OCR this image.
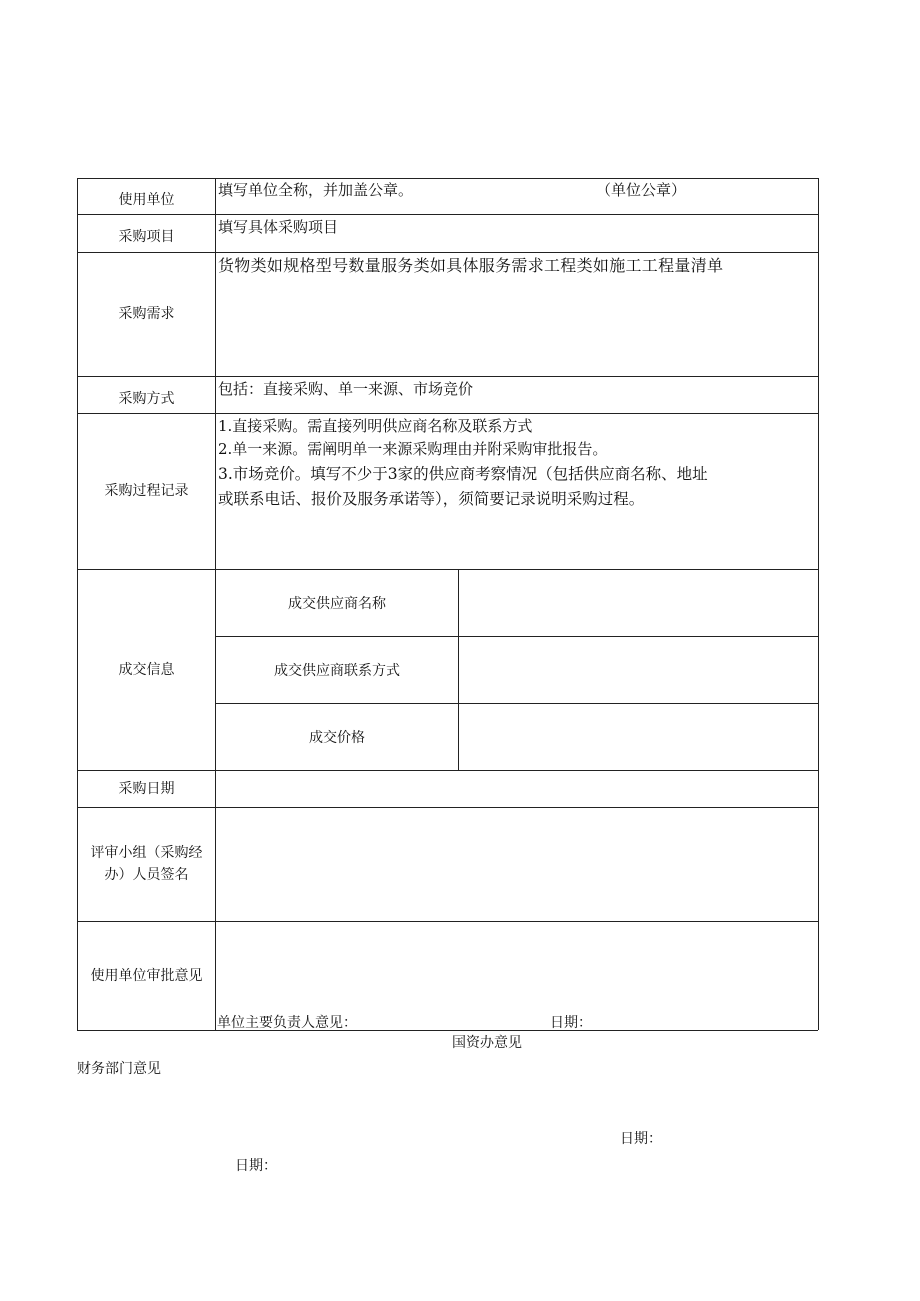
使用单位
填写单位全称，并加盖公章。	（单位公章）
采购项目
填写具体采购项目
采购需求
货物类如规格型号数量服务类如具体服务需求工程类如施工工程量清单
采购方式
包括：直接采购、单一来源、市场竞价
采购过程记录
1.直接采购。需直接列明供应商名称及联系方式
2.单一来源。需阐明单一来源采购理由并附采购审批报告。
3.市场竞价。填写不少于3家的供应商考察情况（包括供应商名称、地址
或联系电话、报价及服务承诺等），须简要记录说明采购过程。
成交信息
成交供应商名称
成交供应商联系方式
成交价格
采购日期
评审小组（采购经
办）人员签名
使用单位审批意见
单位主要负责人意见：	日期：
国资办意见
财务部门意见
日期：
日期：
